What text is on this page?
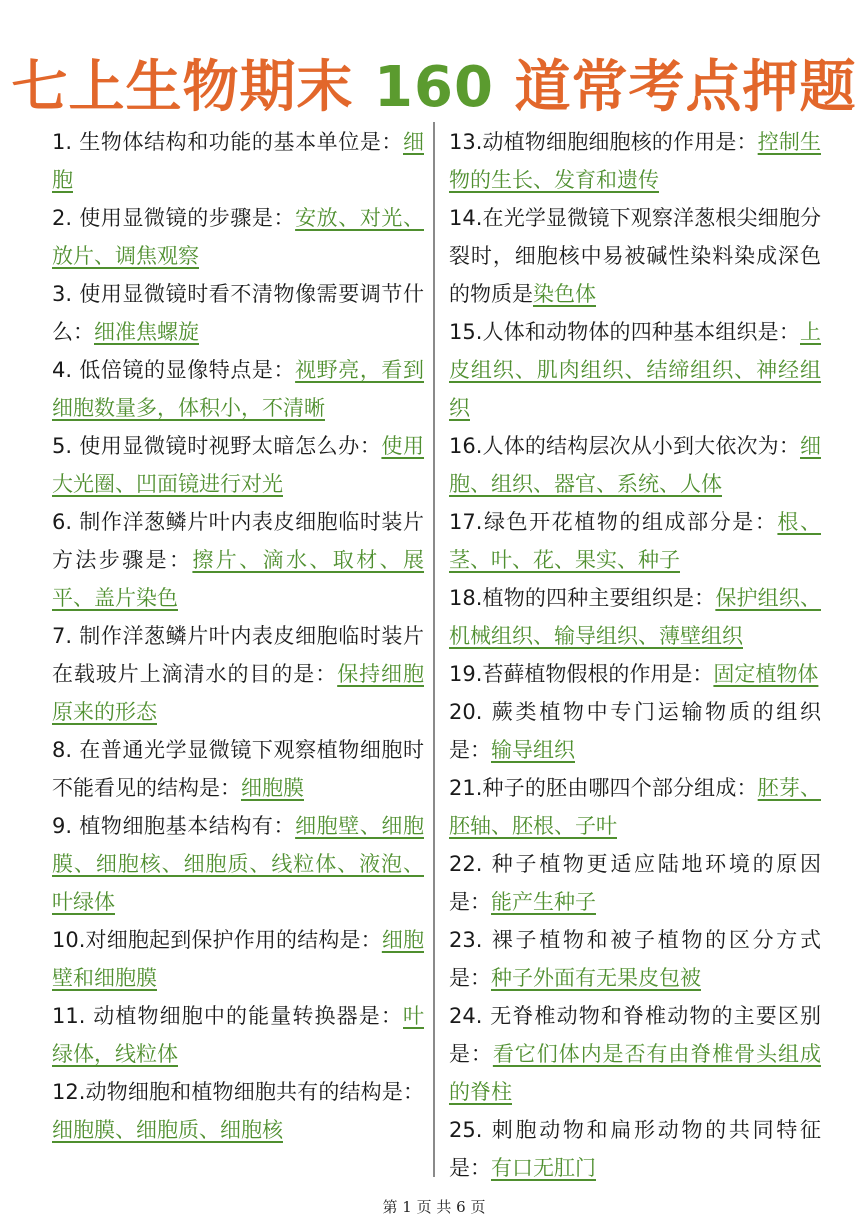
七上生物期末 160 道常考点押题

1. 生物体结构和功能的基本单位是：细胞

2. 使用显微镜的步骤是：安放、对光、放片、调焦观察

3. 使用显微镜时看不清物像需要调节什么：细准焦螺旋

4. 低倍镜的显像特点是：视野亮，看到细胞数量多，体积小，不清晰

5. 使用显微镜时视野太暗怎么办：使用大光圈、凹面镜进行对光

6. 制作洋葱鳞片叶内表皮细胞临时装片方法步骤是：擦片、滴水、取材、展平、盖片染色

7. 制作洋葱鳞片叶内表皮细胞临时装片在载玻片上滴清水的目的是：保持细胞原来的形态

8. 在普通光学显微镜下观察植物细胞时不能看见的结构是：细胞膜

9. 植物细胞基本结构有：细胞壁、细胞膜、细胞核、细胞质、线粒体、液泡、叶绿体

10.对细胞起到保护作用的结构是：细胞壁和细胞膜

11. 动植物细胞中的能量转换器是：叶绿体，线粒体

12.动物细胞和植物细胞共有的结构是：细胞膜、细胞质、细胞核

13.动植物细胞细胞核的作用是：控制生物的生长、发育和遗传

14.在光学显微镜下观察洋葱根尖细胞分裂时，细胞核中易被碱性染料染成深色的物质是染色体

15.人体和动物体的四种基本组织是：上皮组织、肌肉组织、结缔组织、神经组织

16.人体的结构层次从小到大依次为：细胞、组织、器官、系统、人体

17.绿色开花植物的组成部分是：根、茎、叶、花、果实、种子

18.植物的四种主要组织是：保护组织、机械组织、输导组织、薄壁组织

19.苔藓植物假根的作用是：固定植物体

20. 蕨类植物中专门运输物质的组织是：输导组织

21.种子的胚由哪四个部分组成：胚芽、胚轴、胚根、子叶

22. 种子植物更适应陆地环境的原因是：能产生种子

23. 裸子植物和被子植物的区分方式是：种子外面有无果皮包被

24. 无脊椎动物和脊椎动物的主要区别是：看它们体内是否有由脊椎骨头组成的脊柱

25. 刺胞动物和扁形动物的共同特征是：有口无肛门

第 1 页 共 6 页
